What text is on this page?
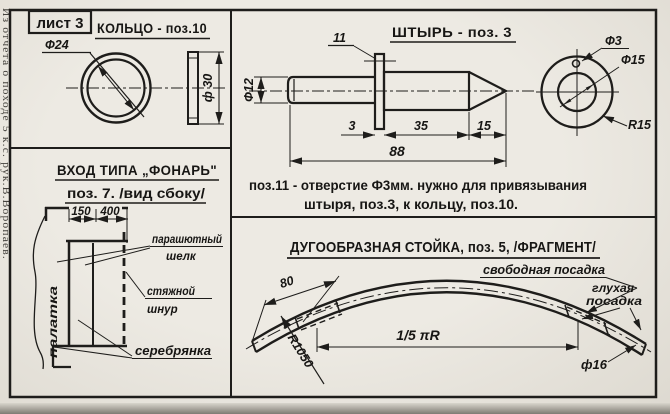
Из отчета о походе 5 к.с. рук.В.Воропаев. лист 3 КОЛЬЦО - поз.10
Ф24
ф 30
ШТЫРЬ - поз. 3
11
Ф12
3	35	15
88
Ф3
Ф15
R15
поз.11 - отверстие Ф3мм. нужно для привязывания
штыря, поз.3, к кольцу, поз.10.
ВХОД ТИПА „ФОНАРЬ"
поз. 7. /вид сбоку/
150 400
палатка
парашютный
шелк
стяжной
шнур
серебрянка
ДУГООБРАЗНАЯ СТОЙКА, поз. 5, /ФРАГМЕНТ/
80
R1050	1/5 πR
свободная посадка
глухая
посадка
ф16
